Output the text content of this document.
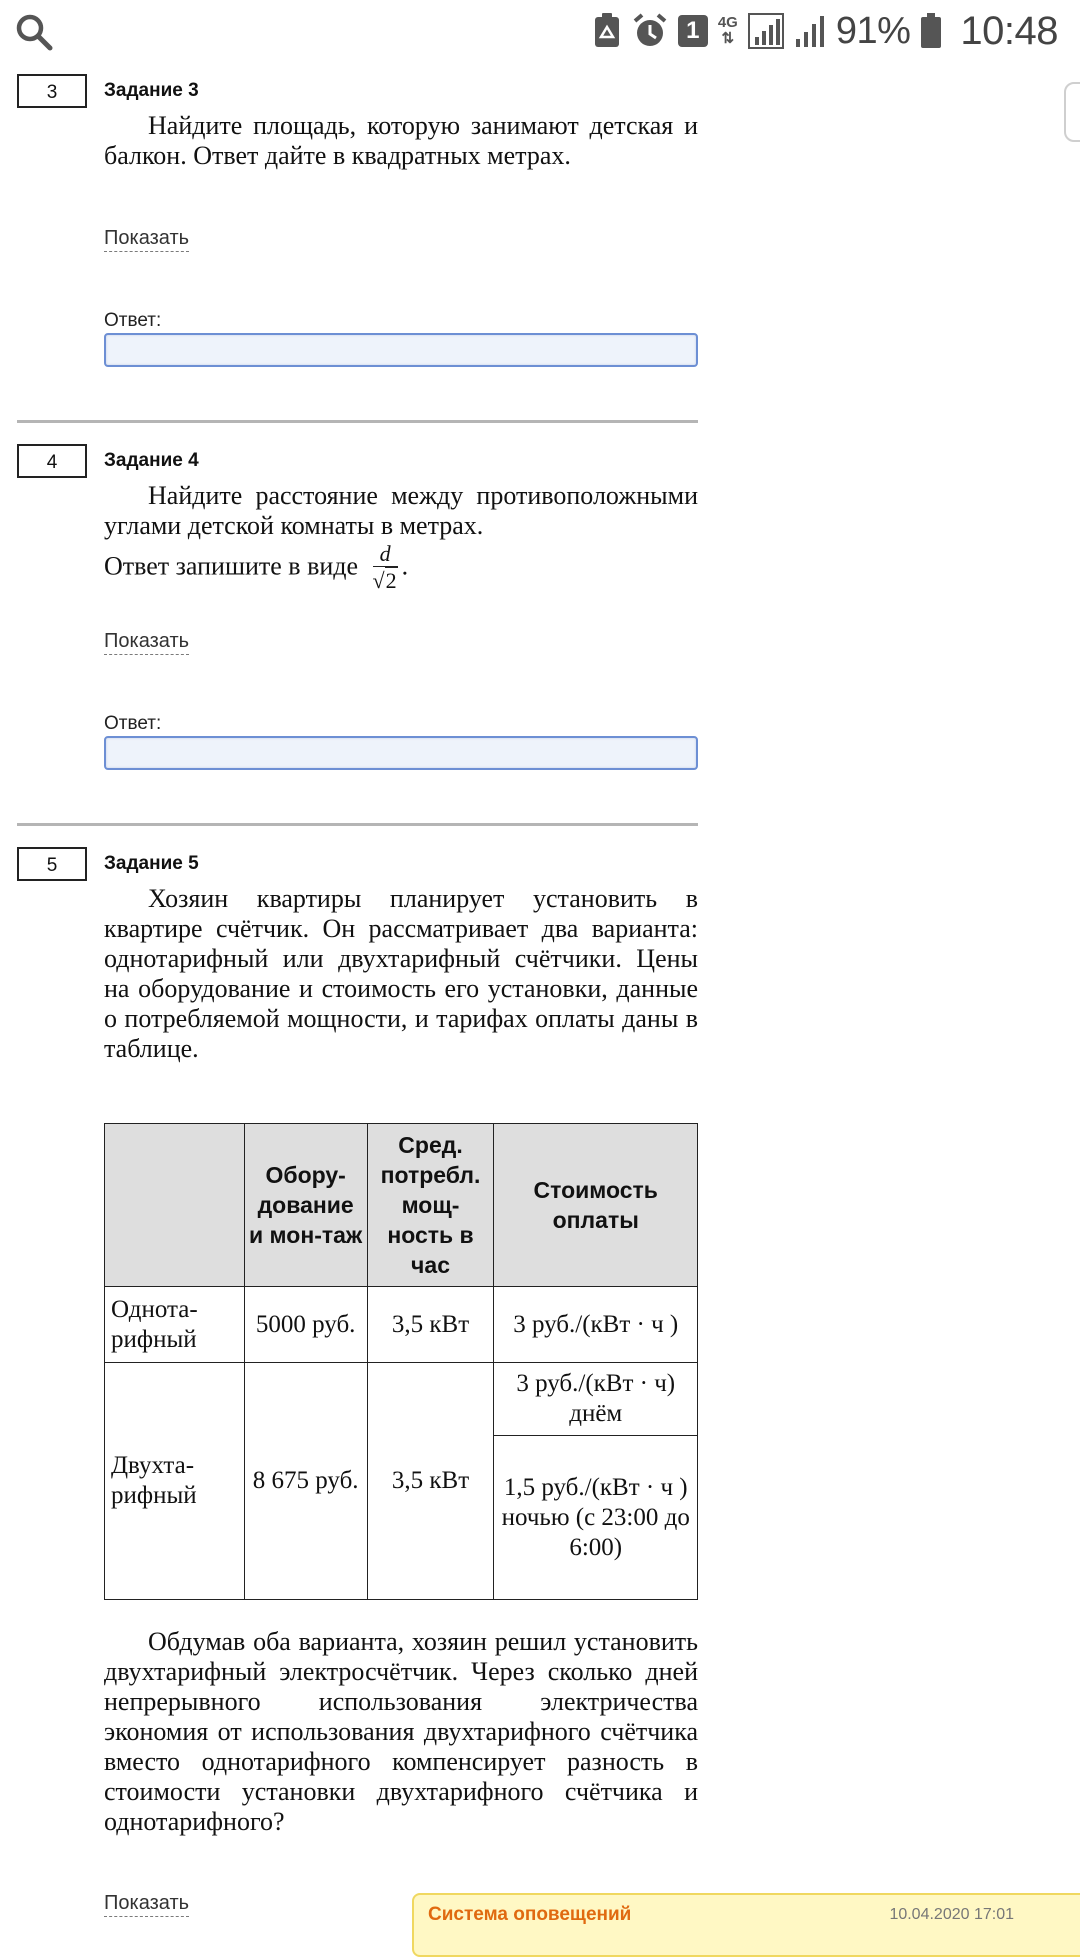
1	4G
⇅	91% 10:48
3	Задание 3

Найдите площадь, которую занимают детская и балкон. Ответ дайте в квадратных метрах.

Показать
Ответ:
4	Задание 4

Найдите расстояние между противоположными углами детской комнаты в метрах.

Ответ запишите в виде $\frac{d}{√2}$ .
Показать
Ответ:
5	Задание 5

Хозяин квартиры планирует установить в квартире счётчик. Он рассматривает два варианта: однотарифный или двухтарифный счётчики. Цены на оборудование и стоимость его установки, данные о потребляемой мощности, и тарифах оплаты даны в таблице.

	Обору-дование и мон-таж	Сред. потребл. мощ-ность в час	Стоимость оплаты
Однота-рифный	5000 руб.	3,5 кВт	3 руб./(кВт · ч )
Двухта-рифный	8 675 руб.	3,5 кВт	3 руб./(кВт · ч) днём
			1,5 руб./(кВт · ч ) ночью (с 23:00 до 6:00)

Обдумав оба варианта, хозяин решил установить двухтарифный электросчётчик. Через сколько дней непрерывного использования электричества экономия от использования двухтарифного счётчика вместо однотарифного компенсирует разность в стоимости установки двухтарифного счётчика и однотарифного?

Показать
Система оповещений	10.04.2020 17:01
